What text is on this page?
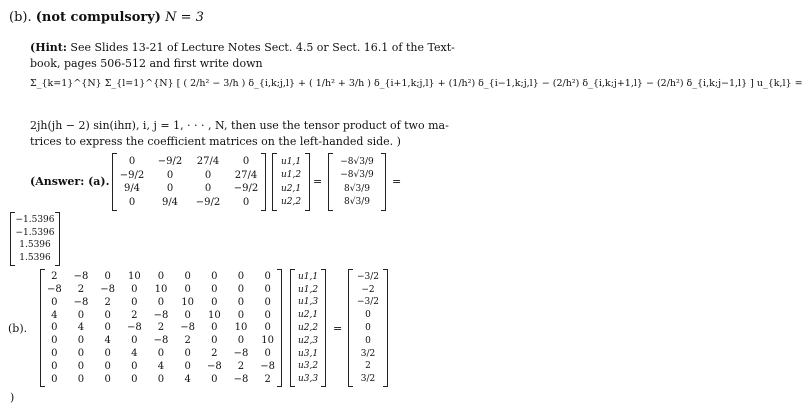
(b). (not compulsory) N = 3
(Hint: See Slides 13-21 of Lecture Notes Sect. 4.5 or Sect. 16.1 of the Text-
book, pages 506-512 and first write down
Σ_{k=1}^{N} Σ_{l=1}^{N} [ ( 2/h² − 3/h ) δ_{i,k;j,l} + ( 1/h² + 3/h ) δ_{i+1,k;j,l} + (1/h²) δ_{i−1,k;j,l} − (2/h²) δ_{i,k;j+1,l} − (2/h²) δ_{i,k;j−1,l} ] u_{k,l} =
2jh(jh − 2) sin(ihπ), i, j = 1, · · · , N, then use the tensor product of two ma-
trices to express the coefficient matrices on the left-handed side. )
(Answer: (a).
0	−9/2	27/4	0
−9/2	0	0	27/4
9/4	0	0	−9/2
0	9/4	−9/2	0
u1,1
u1,2
u2,1
u2,2
=
−8√3/9
−8√3/9
8√3/9
8√3/9
=
−1.5396
−1.5396
1.5396
1.5396
(b).
2	−8	0	10	0	0	0	0	0
−8	2	−8	0	10	0	0	0	0
0	−8	2	0	0	10	0	0	0
4	0	0	2	−8	0	10	0	0
0	4	0	−8	2	−8	0	10	0
0	0	4	0	−8	2	0	0	10
0	0	0	4	0	0	2	−8	0
0	0	0	0	4	0	−8	2	−8
0	0	0	0	0	4	0	−8	2
u1,1
u1,2
u1,3
u2,1
u2,2
u2,3
u3,1
u3,2
u3,3
=
−3/2
−2
−3/2
0
0
0
3/2
2
3/2
)
